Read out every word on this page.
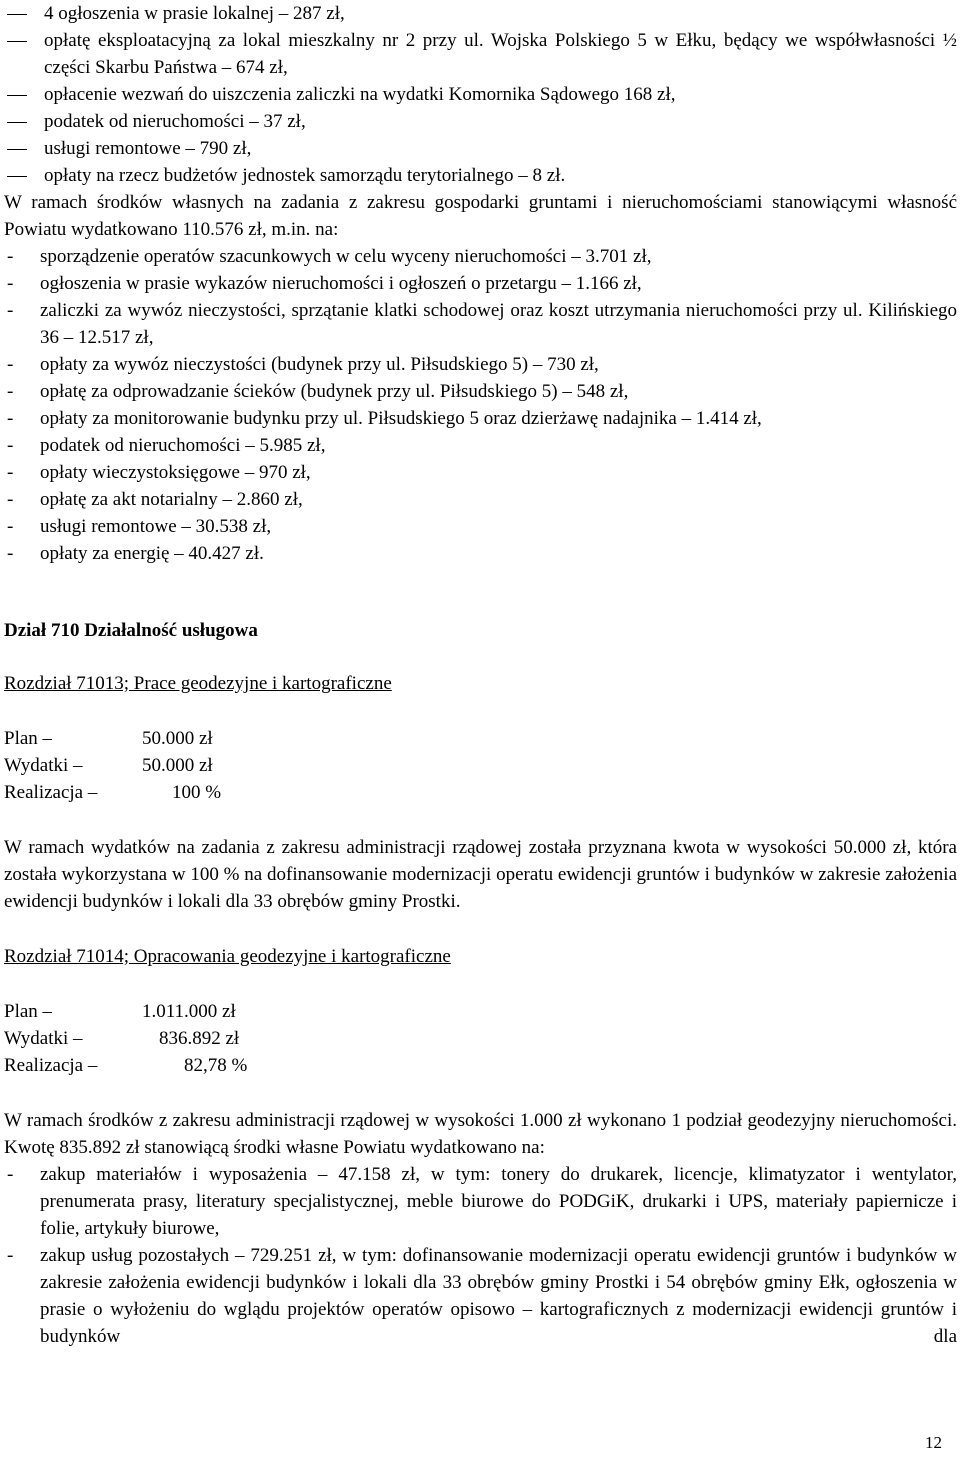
4 ogłoszenia w prasie lokalnej – 287 zł,
opłatę eksploatacyjną za lokal mieszkalny nr 2 przy ul. Wojska Polskiego 5 w Ełku, będący we współwłasności ½ części Skarbu Państwa – 674 zł,
opłacenie wezwań do uiszczenia zaliczki na wydatki Komornika Sądowego 168 zł,
podatek od nieruchomości – 37 zł,
usługi remontowe – 790 zł,
opłaty na rzecz budżetów jednostek samorządu terytorialnego – 8 zł.

W ramach środków własnych na zadania z zakresu gospodarki gruntami i nieruchomościami stanowiącymi własność Powiatu wydatkowano 110.576 zł, m.in. na:

-	sporządzenie operatów szacunkowych w celu wyceny nieruchomości – 3.701 zł,
-	ogłoszenia w prasie wykazów nieruchomości i ogłoszeń o przetargu – 1.166 zł,
-	zaliczki za wywóz nieczystości, sprzątanie klatki schodowej oraz koszt utrzymania nieruchomości przy ul. Kilińskiego 36 – 12.517 zł,
-	opłaty za wywóz nieczystości (budynek przy ul. Piłsudskiego 5) – 730 zł,
-	opłatę za odprowadzanie ścieków (budynek przy ul. Piłsudskiego 5) – 548 zł,
-	opłaty za monitorowanie budynku przy ul. Piłsudskiego 5 oraz dzierżawę nadajnika – 1.414 zł,
-	podatek od nieruchomości – 5.985 zł,
-	opłaty wieczystoksięgowe – 970 zł,
-	opłatę za akt notarialny – 2.860 zł,
-	usługi remontowe – 30.538 zł,
-	opłaty za energię – 40.427 zł.

Dział 710 Działalność usługowa

Rozdział 71013; Prace geodezyjne i kartograficzne

Plan –	50.000 zł
Wydatki –	50.000 zł
Realizacja –	100 %

W ramach wydatków na zadania z zakresu administracji rządowej została przyznana kwota w wysokości 50.000 zł, która została wykorzystana w 100 % na dofinansowanie modernizacji operatu ewidencji gruntów i budynków w zakresie założenia ewidencji budynków i lokali dla 33 obrębów gminy Prostki.

Rozdział 71014; Opracowania geodezyjne i kartograficzne

Plan –	1.011.000 zł
Wydatki –	836.892 zł
Realizacja –	82,78 %

W ramach środków z zakresu administracji rządowej w wysokości 1.000 zł wykonano 1 podział geodezyjny nieruchomości. Kwotę 835.892 zł stanowiącą środki własne Powiatu wydatkowano na:

-	zakup materiałów i wyposażenia – 47.158 zł, w tym: tonery do drukarek, licencje, klimatyzator i wentylator, prenumerata prasy, literatury specjalistycznej, meble biurowe do PODGiK, drukarki i UPS, materiały papiernicze i folie, artykuły biurowe,
-	zakup usług pozostałych – 729.251 zł, w tym: dofinansowanie modernizacji operatu ewidencji gruntów i budynków w zakresie założenia ewidencji budynków i lokali dla 33 obrębów gminy Prostki i 54 obrębów gminy Ełk, ogłoszenia w prasie o wyłożeniu do wglądu projektów operatów opisowo – kartograficznych z modernizacji ewidencji gruntów i budynków dla
12
